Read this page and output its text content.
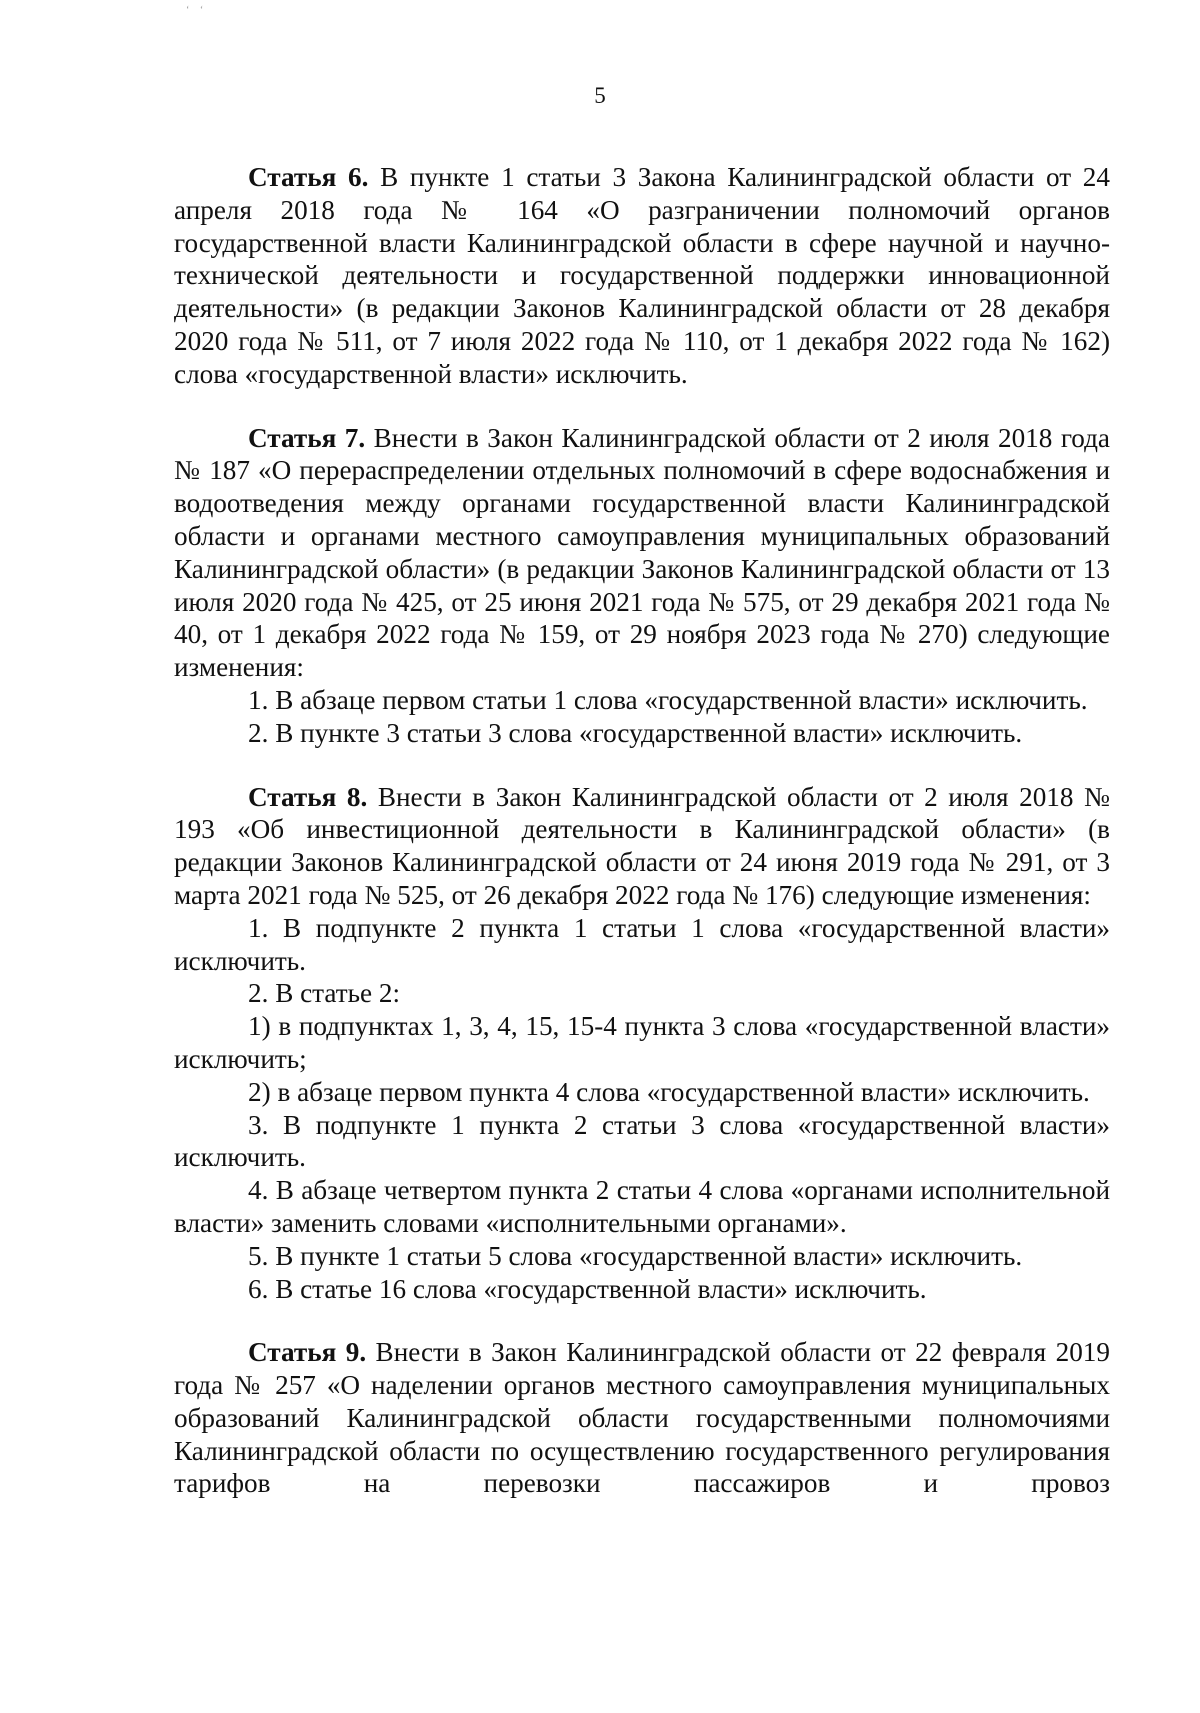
‘ ‘
5

Статья 6. В пункте 1 статьи 3 Закона Калининградской области от 24 апреля 2018 года № 164 «О разграничении полномочий органов государственной власти Калининградской области в сфере научной и научно-технической деятельности и государственной поддержки инновационной деятельности» (в редакции Законов Калининградской области от 28 декабря 2020 года № 511, от 7 июля 2022 года № 110, от 1 декабря 2022 года № 162) слова «государственной власти» исключить.

Статья 7. Внести в Закон Калининградской области от 2 июля 2018 года № 187 «О перераспределении отдельных полномочий в сфере водоснабжения и водоотведения между органами государственной власти Калининградской области и органами местного самоуправления муниципальных образований Калининградской области» (в редакции Законов Калининградской области от 13 июля 2020 года № 425, от 25 июня 2021 года № 575, от 29 декабря 2021 года № 40, от 1 декабря 2022 года № 159, от 29 ноября 2023 года № 270) следующие изменения:

1. В абзаце первом статьи 1 слова «государственной власти» исключить.

2. В пункте 3 статьи 3 слова «государственной власти» исключить.

Статья 8. Внести в Закон Калининградской области от 2 июля 2018 № 193 «Об инвестиционной деятельности в Калининградской области» (в редакции Законов Калининградской области от 24 июня 2019 года № 291, от 3 марта 2021 года № 525, от 26 декабря 2022 года № 176) следующие изменения:

1. В подпункте 2 пункта 1 статьи 1 слова «государственной власти» исключить.

2. В статье 2:

1) в подпунктах 1, 3, 4, 15, 15-4 пункта 3 слова «государственной власти» исключить;

2) в абзаце первом пункта 4 слова «государственной власти» исключить.

3. В подпункте 1 пункта 2 статьи 3 слова «государственной власти» исключить.

4. В абзаце четвертом пункта 2 статьи 4 слова «органами исполнительной власти» заменить словами «исполнительными органами».

5. В пункте 1 статьи 5 слова «государственной власти» исключить.

6. В статье 16 слова «государственной власти» исключить.

Статья 9. Внести в Закон Калининградской области от 22 февраля 2019 года № 257 «О наделении органов местного самоуправления муниципальных образований Калининградской области государственными полномочиями Калининградской области по осуществлению государственного регулирования тарифов на перевозки пассажиров и провоз
